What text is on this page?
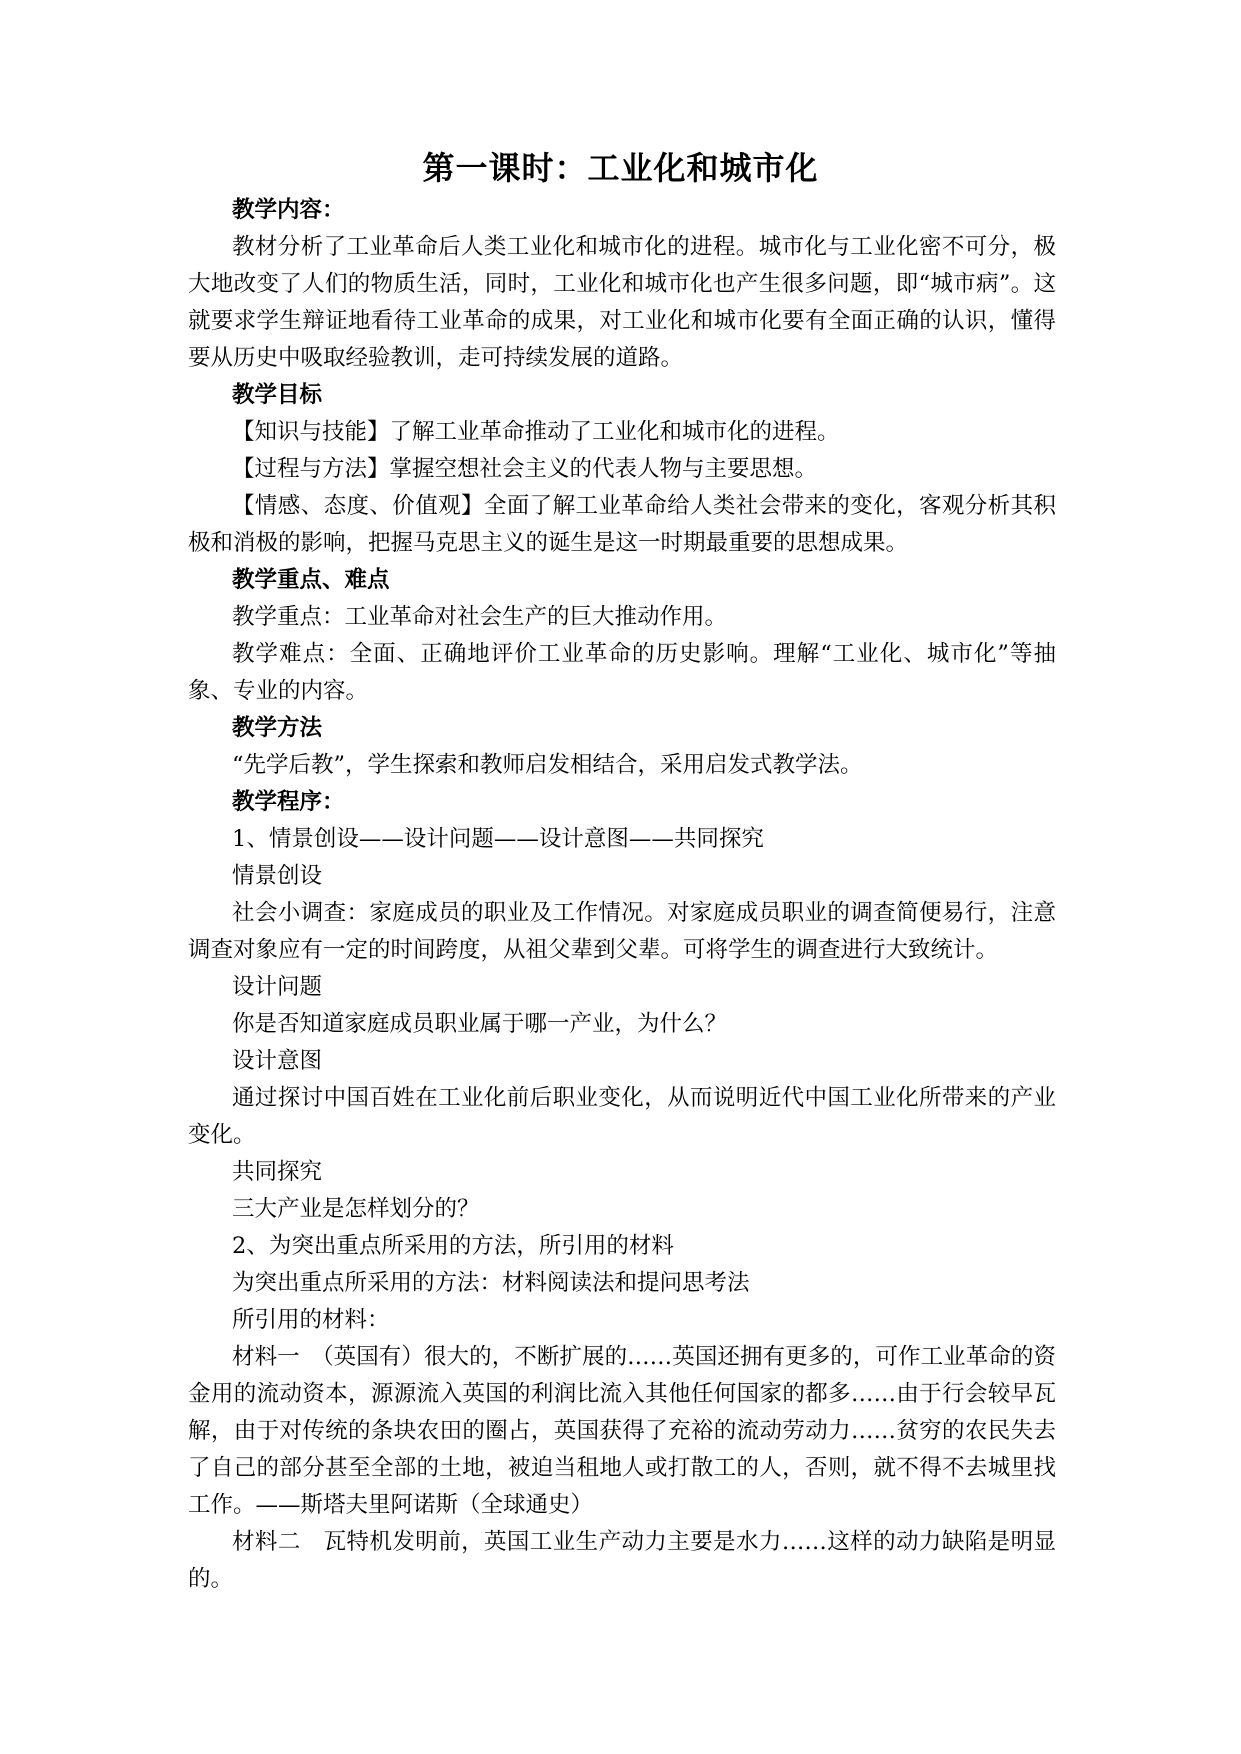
第一课时：工业化和城市化

教学内容：

教材分析了工业革命后人类工业化和城市化的进程。城市化与工业化密不可分，极大地改变了人们的物质生活，同时，工业化和城市化也产生很多问题，即“城市病”。这就要求学生辩证地看待工业革命的成果，对工业化和城市化要有全面正确的认识，懂得要从历史中吸取经验教训，走可持续发展的道路。

教学目标

【知识与技能】了解工业革命推动了工业化和城市化的进程。

【过程与方法】掌握空想社会主义的代表人物与主要思想。

【情感、态度、价值观】全面了解工业革命给人类社会带来的变化，客观分析其积极和消极的影响，把握马克思主义的诞生是这一时期最重要的思想成果。

教学重点、难点

教学重点：工业革命对社会生产的巨大推动作用。

教学难点：全面、正确地评价工业革命的历史影响。理解“工业化、城市化”等抽象、专业的内容。

教学方法

“先学后教”，学生探索和教师启发相结合，采用启发式教学法。

教学程序：

1、情景创设——设计问题——设计意图——共同探究

情景创设

社会小调查：家庭成员的职业及工作情况。对家庭成员职业的调查简便易行，注意调查对象应有一定的时间跨度，从祖父辈到父辈。可将学生的调查进行大致统计。

设计问题

你是否知道家庭成员职业属于哪一产业，为什么？

设计意图

通过探讨中国百姓在工业化前后职业变化，从而说明近代中国工业化所带来的产业变化。

共同探究

三大产业是怎样划分的？

2、为突出重点所采用的方法，所引用的材料

为突出重点所采用的方法：材料阅读法和提问思考法

所引用的材料：

材料一　（英国有）很大的，不断扩展的……英国还拥有更多的，可作工业革命的资金用的流动资本，源源流入英国的利润比流入其他任何国家的都多……由于行会较早瓦解，由于对传统的条块农田的圈占，英国获得了充裕的流动劳动力……贫穷的农民失去了自己的部分甚至全部的土地，被迫当租地人或打散工的人，否则，就不得不去城里找工作。——斯塔夫里阿诺斯（全球通史）

材料二　瓦特机发明前，英国工业生产动力主要是水力……这样的动力缺陷是明显的。
